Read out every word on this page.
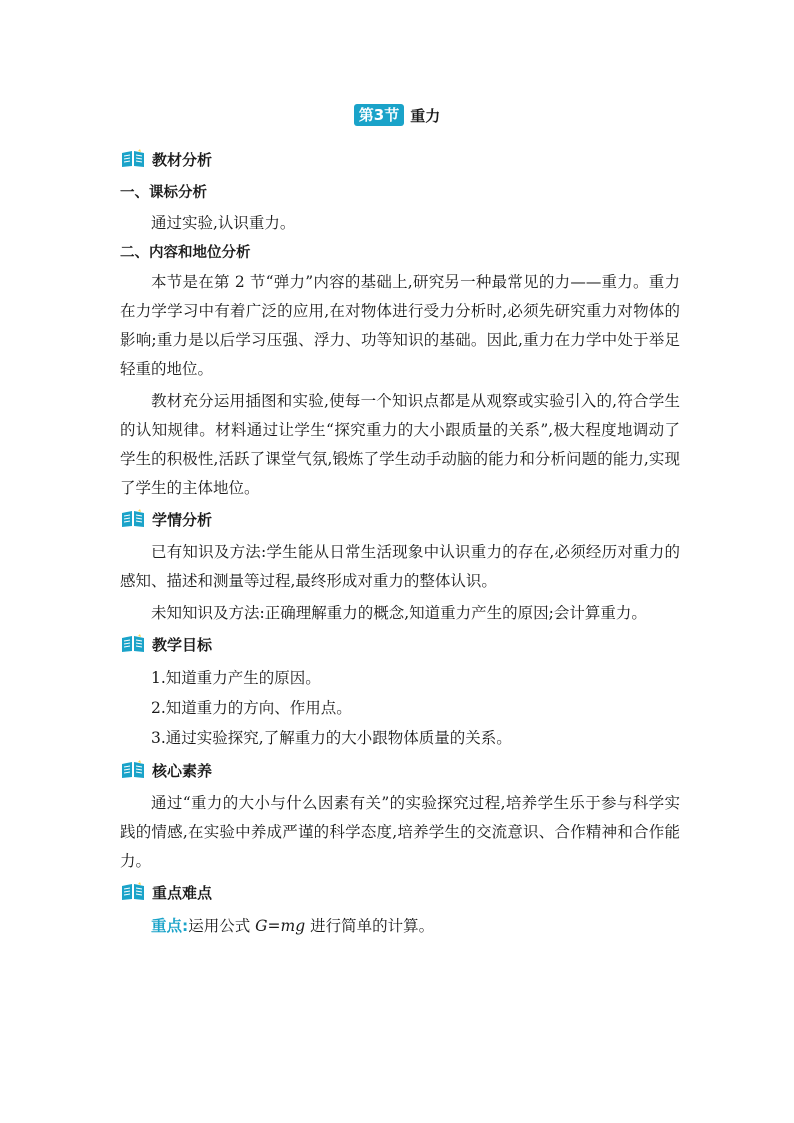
第3节 重力
教材分析

一、课标分析

通过实验,认识重力。

二、内容和地位分析

本节是在第 2 节“弹力”内容的基础上,研究另一种最常见的力——重力。重力在力学学习中有着广泛的应用,在对物体进行受力分析时,必须先研究重力对物体的影响;重力是以后学习压强、浮力、功等知识的基础。因此,重力在力学中处于举足轻重的地位。

教材充分运用插图和实验,使每一个知识点都是从观察或实验引入的,符合学生的认知规律。材料通过让学生“探究重力的大小跟质量的关系”,极大程度地调动了学生的积极性,活跃了课堂气氛,锻炼了学生动手动脑的能力和分析问题的能力,实现了学生的主体地位。

学情分析

已有知识及方法:学生能从日常生活现象中认识重力的存在,必须经历对重力的感知、描述和测量等过程,最终形成对重力的整体认识。

未知知识及方法:正确理解重力的概念,知道重力产生的原因;会计算重力。

教学目标

1.知道重力产生的原因。

2.知道重力的方向、作用点。

3.通过实验探究,了解重力的大小跟物体质量的关系。

核心素养

通过“重力的大小与什么因素有关”的实验探究过程,培养学生乐于参与科学实践的情感,在实验中养成严谨的科学态度,培养学生的交流意识、合作精神和合作能力。

重点难点

重点:运用公式 G=mg 进行简单的计算。
